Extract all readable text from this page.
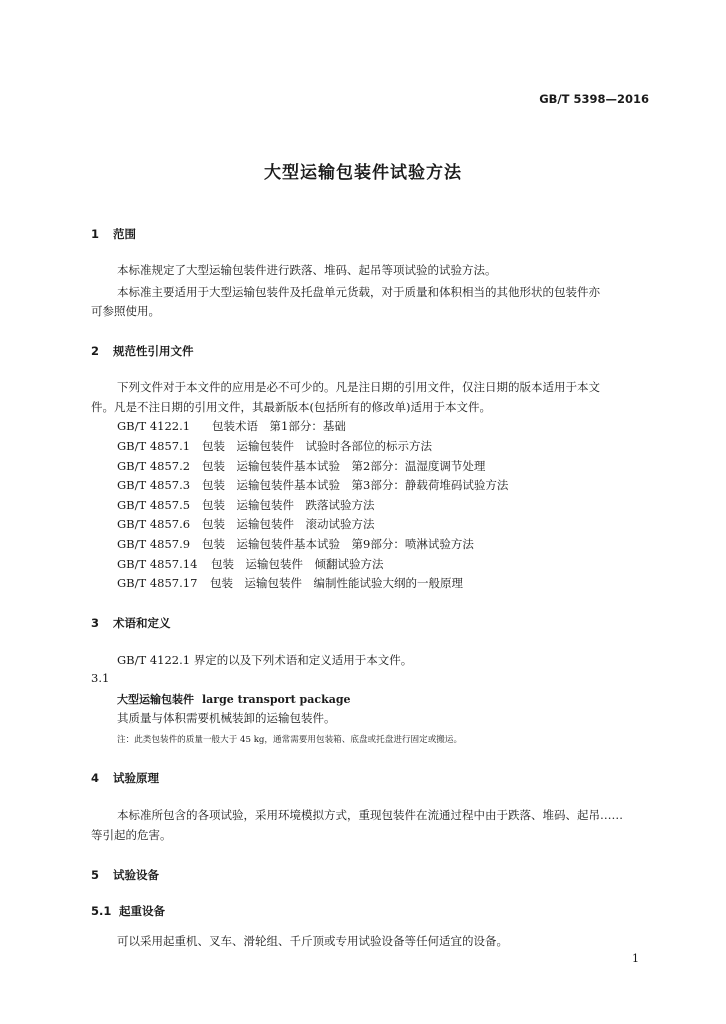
GB/T 5398—2016
大型运输包装件试验方法
1 范围
本标准规定了大型运输包装件进行跌落、堆码、起吊等项试验的试验方法。
本标准主要适用于大型运输包装件及托盘单元货载，对于质量和体积相当的其他形状的包装件亦
可参照使用。
2 规范性引用文件
下列文件对于本文件的应用是必不可少的。凡是注日期的引用文件，仅注日期的版本适用于本文
件。凡是不注日期的引用文件，其最新版本(包括所有的修改单)适用于本文件。
GB/T 4122.1 包装术语　第1部分：基础
GB/T 4857.1 包装　运输包装件　试验时各部位的标示方法
GB/T 4857.2 包装　运输包装件基本试验　第2部分：温湿度调节处理
GB/T 4857.3 包装　运输包装件基本试验　第3部分：静载荷堆码试验方法
GB/T 4857.5 包装　运输包装件　跌落试验方法
GB/T 4857.6 包装　运输包装件　滚动试验方法
GB/T 4857.9 包装　运输包装件基本试验　第9部分：喷淋试验方法
GB/T 4857.14 包装　运输包装件　倾翻试验方法
GB/T 4857.17 包装　运输包装件　编制性能试验大纲的一般原理
3 术语和定义
GB/T 4122.1 界定的以及下列术语和定义适用于本文件。
3.1
大型运输包装件 large transport package
其质量与体积需要机械装卸的运输包装件。
注：此类包装件的质量一般大于 45 kg，通常需要用包装箱、底盘或托盘进行固定或搬运。
4 试验原理
本标准所包含的各项试验，采用环境模拟方式，重现包装件在流通过程中由于跌落、堆码、起吊……
等引起的危害。
5 试验设备
5.1 起重设备
可以采用起重机、叉车、滑轮组、千斤顶或专用试验设备等任何适宜的设备。
1
